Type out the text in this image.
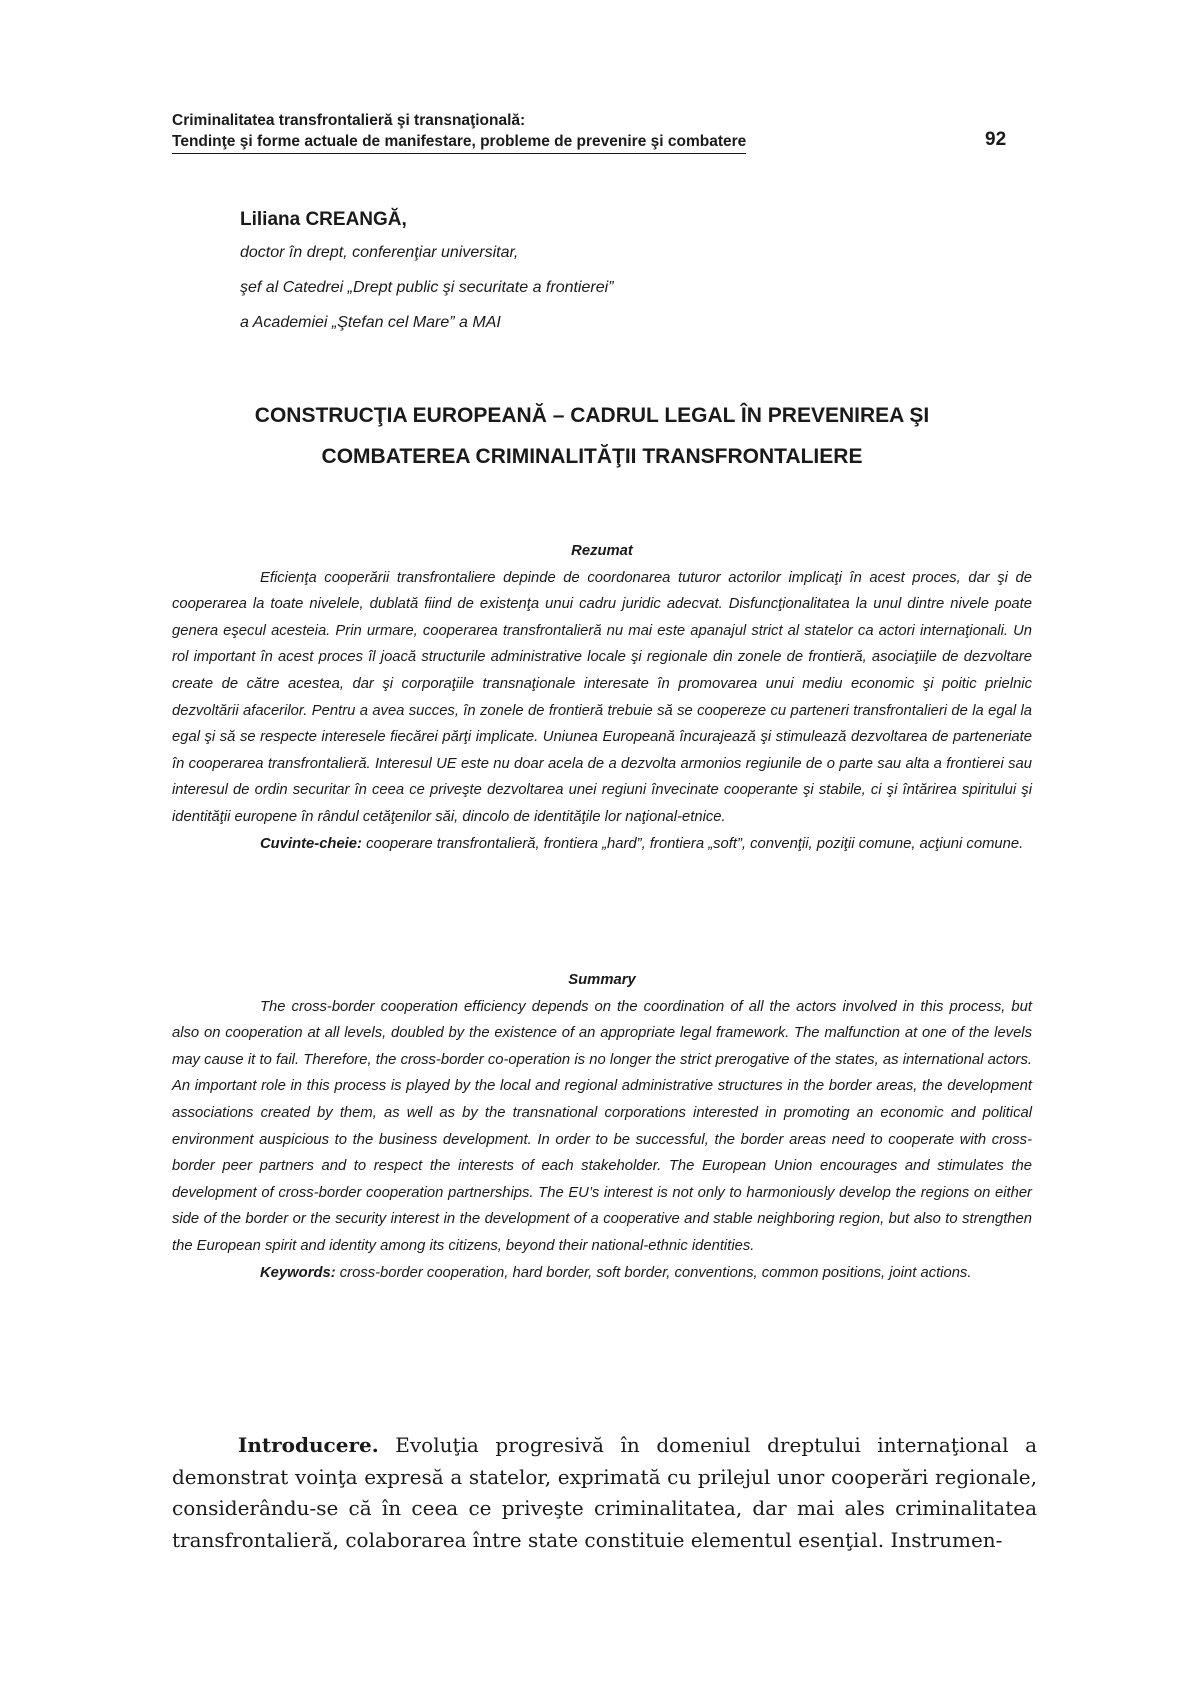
Criminalitatea transfrontalieră şi transnaţională:
Tendinţe şi forme actuale de manifestare, probleme de prevenire şi combatere	92
Liliana CREANGĂ,
doctor în drept, conferenţiar universitar,
şef al Catedrei „Drept public şi securitate a frontierei”
a Academiei „Ştefan cel Mare” a MAI
CONSTRUCŢIA EUROPEANĂ – CADRUL LEGAL ÎN PREVENIREA ŞI
COMBATEREA CRIMINALITĂŢII TRANSFRONTALIERE

Rezumat

Eficienţa cooperării transfrontaliere depinde de coordonarea tuturor actorilor implicaţi în acest proces, dar şi de cooperarea la toate nivelele, dublată fiind de existenţa unui cadru juridic adecvat. Disfuncţionalitatea la unul dintre nivele poate genera eşecul acesteia. Prin urmare, cooperarea transfrontalieră nu mai este apanajul strict al statelor ca actori internaţionali. Un rol important în acest proces îl joacă structurile administrative locale şi regionale din zonele de frontieră, asociaţiile de dezvoltare create de către acestea, dar şi corporaţiile transnaţionale interesate în promovarea unui mediu economic şi poitic prielnic dezvoltării afacerilor. Pentru a avea succes, în zonele de frontieră trebuie să se coopereze cu parteneri transfrontalieri de la egal la egal şi să se respecte interesele fiecărei părţi implicate. Uniunea Europeană încurajează şi stimulează dezvoltarea de parteneriate în cooperarea transfrontalieră. Interesul UE este nu doar acela de a dezvolta armonios regiunile de o parte sau alta a frontierei sau interesul de ordin securitar în ceea ce priveşte dezvoltarea unei regiuni învecinate cooperante şi stabile, ci şi întărirea spiritului şi identităţii europene în rândul cetăţenilor săi, dincolo de identităţile lor naţional-etnice.

Cuvinte-cheie: cooperare transfrontalieră, frontiera „hard”, frontiera „soft”, convenţii, poziţii comune, acţiuni comune.

Summary

The cross-border cooperation efficiency depends on the coordination of all the actors involved in this process, but also on cooperation at all levels, doubled by the existence of an appropriate legal framework. The malfunction at one of the levels may cause it to fail. Therefore, the cross-border co-operation is no longer the strict prerogative of the states, as international actors. An important role in this process is played by the local and regional administrative structures in the border areas, the development associations created by them, as well as by the transnational corporations interested in promoting an economic and political environment auspicious to the business development. In order to be successful, the border areas need to cooperate with cross-border peer partners and to respect the interests of each stakeholder. The European Union encourages and stimulates the development of cross-border cooperation partnerships. The EU’s interest is not only to harmoniously develop the regions on either side of the border or the security interest in the development of a cooperative and stable neighboring region, but also to strengthen the European spirit and identity among its citizens, beyond their national-ethnic identities.

Keywords: cross-border cooperation, hard border, soft border, conventions, common positions, joint actions.

Introducere. Evoluţia progresivă în domeniul dreptului internaţional a demonstrat voinţa expresă a statelor, exprimată cu prilejul unor cooperări regionale, considerându-se că în ceea ce priveşte criminalitatea, dar mai ales criminalitatea transfrontalieră, colaborarea între state constituie elementul esenţial. Instrumen-
